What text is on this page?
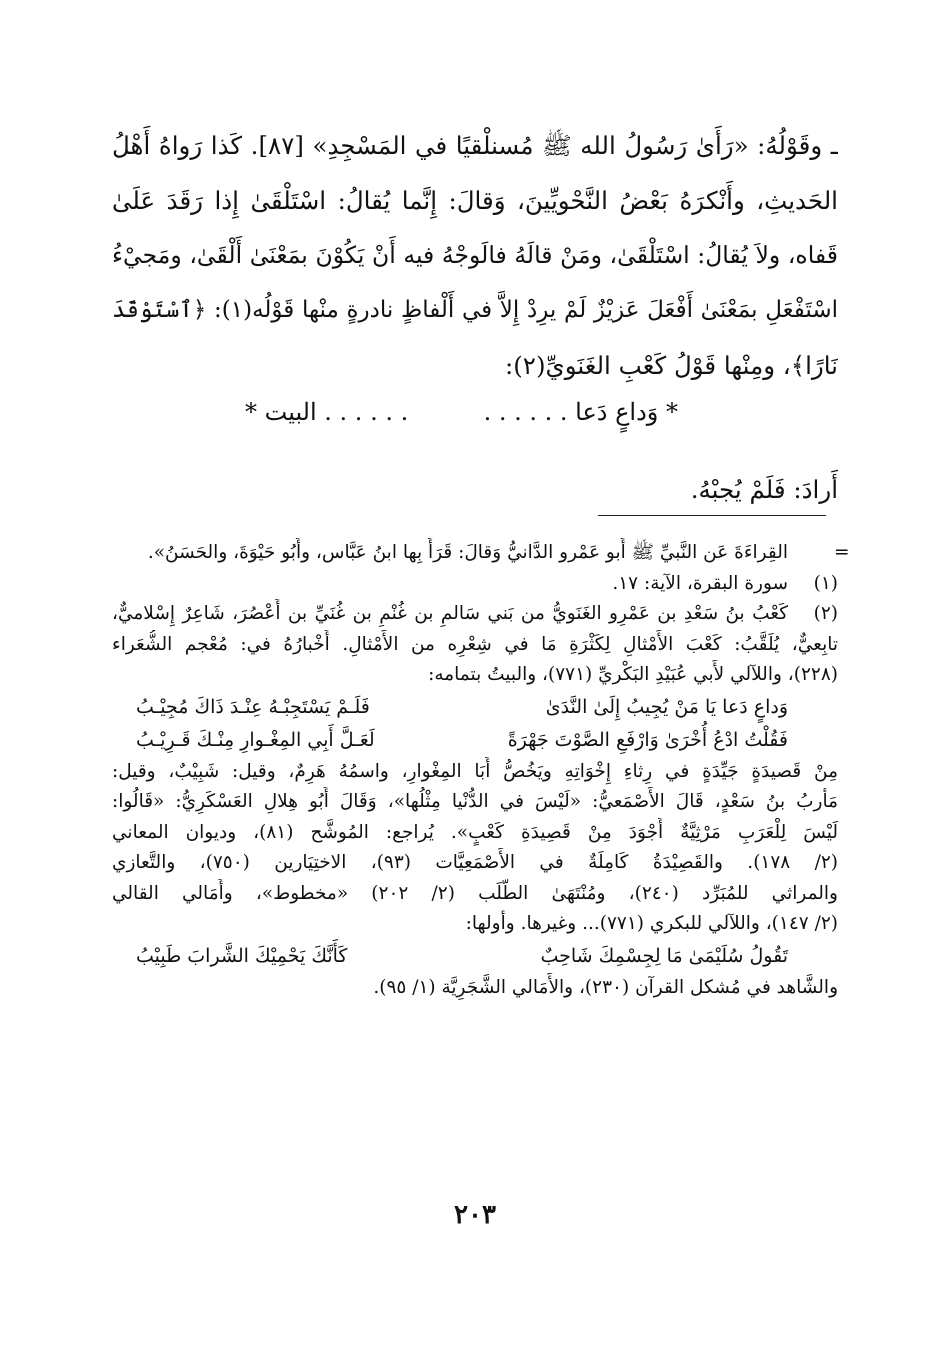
ـ وقَوْلُهُ: «رَأَىٰ رَسُولُ الله ﷺ مُسنلْقيًا في المَسْجِدِ» [٨٧]. كَذا رَواهُ أَهْلُ
الحَديثِ، وأَنْكرَهُ بَعْضُ النَّحْويِّينَ، وَقالَ: إِنَّما يُقالُ: اسْتَلْقَىٰ إِذا رَقَدَ عَلَىٰ
قَفاه، ولاَ يُقالُ: اسْتَلْقَىٰ، ومَنْ قالَهُ فالَوجْهُ فيه أَنْ يَكُوْنَ بمَعْنَىٰ أَلْقَىٰ، ومَجيْءُ
اسْتَفْعَلِ بمَعْنَىٰ أَفْعَلَ عَزيْزٌ لَمْ يرِدْ إِلاَّ في أَلْفاظٍ نادرةٍ منْها قَوْلُه(١): ﴿ٱسْتَوْقَدَ
نَارًا﴾، ومِنْها قَوْلُ كَعْبِ الغَنَويِّ(٢):
* وَداعٍ دَعا . . . . . .
. . . . . . البيت *
أَرادَ: فَلَمْ يُجبْهُ.
=
القِراءَةَ عَن النَّبيِّ ﷺ أَبو عَمْرو الدَّانيُّ وَقالَ: قَرَأَ بِها ابنُ عَبَّاس، وأَبُو حَيْوَةَ، والحَسَنُ».
(١)
سورة البقرة، الآية: ١٧.
(٢)
كَعْبُ بنُ سَعْدِ بن عَمْرِو الغَنَويُّ من بَني سَالمِ بن غُنْمِ بن غُنَيِّ بن أَعْصُرَ، شَاعِرٌ إِسْلاميٌّ،
تابِعيٌّ، يُلَقَّبُ: كَعْبَ الأَمْثالِ لِكَثْرَةِ مَا في شِعْرِه من الأَمْثالِ. أَخْبارُهُ في: مُعْجم الشُّعَراء
(٢٢٨)، واللآلي لأَبي عُبَيْدِ البَكْريِّ (٧٧١)، والبيتُ بتمامه:
وَداعٍ دَعا يَا مَنْ يُجِيبُ إِلَىٰ النَّدَىٰ
فَلَـمْ يَسْتَجِبْـهُ عِنْـدَ ذَاكَ مُجِيْـبُ
فَقُلْتُ ادْعُ أُخْرَىٰ وَارْفَعِ الصَّوْتَ جَهْرَةً
لَعَـلَّ أَبِي المِغْـوارِ مِنْـكَ قَـرِيْـبُ
مِنْ قَصيدَةٍ جَيِّدَةٍ في رِثاءِ إِخْوَاتِهِ ويَخُصُّ أَبَا المِغْوارِ، واسمُهُ هَرِمٌ، وقيل: شَبِيْبٌ، وقيل:
مَأْربُ بنُ سَعْدٍ، قَالَ الأَصْمَعيُّ: «لَيْسَ في الدُّنْيا مِثْلُها»، وَقَالَ أَبُو هِلالِ العَسْكَرِيُّ: «قَالُوا:
لَيْسَ لِلْعَرَبِ مَرْثِيَّةٌ أَجْوَدَ مِنْ قَصِيدَةِ كَعْبٍ». يُراجع: المُوشَّح (٨١)، وديوان المعاني
(٢/ ١٧٨). والقَصِيْدَةُ كَامِلَةٌ في الأَصْمَعِيَّات (٩٣)، الاختِيَارين (٧٥٠)، والتَّعازي
والمراثي للمُبَرِّد (٢٤٠)، ومُنْتَهَىٰ الطَّلَب (٢/ ٢٠٢) «مخطوط»، وأَمَالي القالي
(٢/ ١٤٧)، واللآلي للبكري (٧٧١)... وغيرها. وأولها:
تَقُولُ سُلَيْمَىٰ مَا لِجِسْمِكَ شَاحِبٌ
كَأَنَّكَ يَحْمِيْكَ الشَّرابَ طَبِيْبُ
والشَّاهد في مُشكل القرآن (٢٣٠)، والأَمَالي الشَّجَرِيَّة (١/ ٩٥).
٢٠٣
